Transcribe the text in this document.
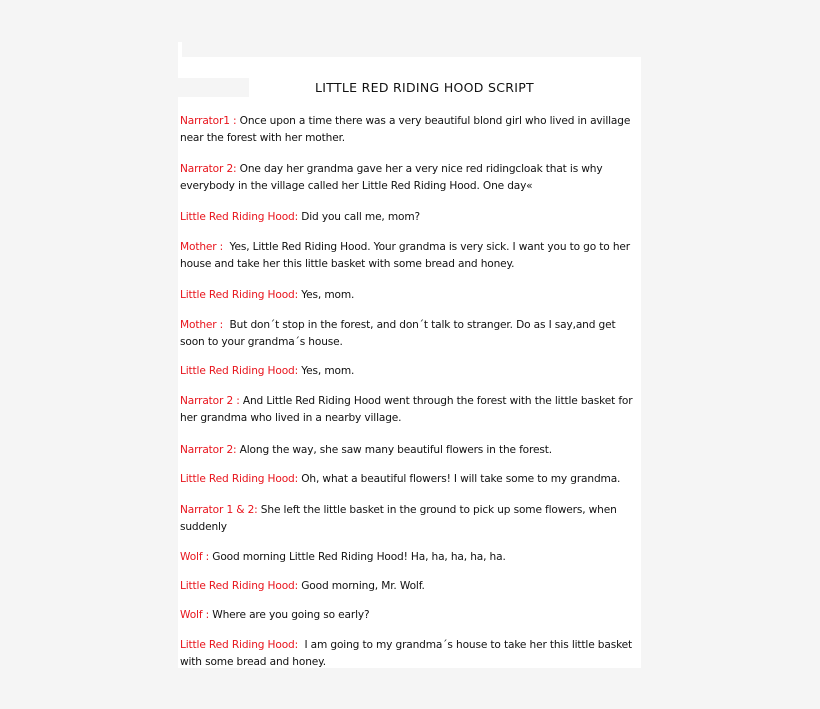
LITTLE RED RIDING HOOD SCRIPT
Narrator1 : Once upon a time there was a very beautiful blond girl who lived in avillage near the forest with her mother.
Narrator 2: One day her grandma gave her a very nice red ridingcloak that is why everybody in the village called her Little Red Riding Hood. One day«
Little Red Riding Hood: Did you call me, mom?
Mother :  Yes, Little Red Riding Hood. Your grandma is very sick. I want you to go to her house and take her this little basket with some bread and honey.
Little Red Riding Hood: Yes, mom.
Mother :  But don´t stop in the forest, and don´t talk to stranger. Do as I say,and get soon to your grandma´s house.
Little Red Riding Hood: Yes, mom.
Narrator 2 : And Little Red Riding Hood went through the forest with the little basket for her grandma who lived in a nearby village.
Narrator 2: Along the way, she saw many beautiful flowers in the forest.
Little Red Riding Hood: Oh, what a beautiful flowers! I will take some to my grandma.
Narrator 1 & 2: She left the little basket in the ground to pick up some flowers, when suddenly
Wolf : Good morning Little Red Riding Hood! Ha, ha, ha, ha, ha.
Little Red Riding Hood: Good morning, Mr. Wolf.
Wolf : Where are you going so early?
Little Red Riding Hood:  I am going to my grandma´s house to take her this little basket with some bread and honey.
